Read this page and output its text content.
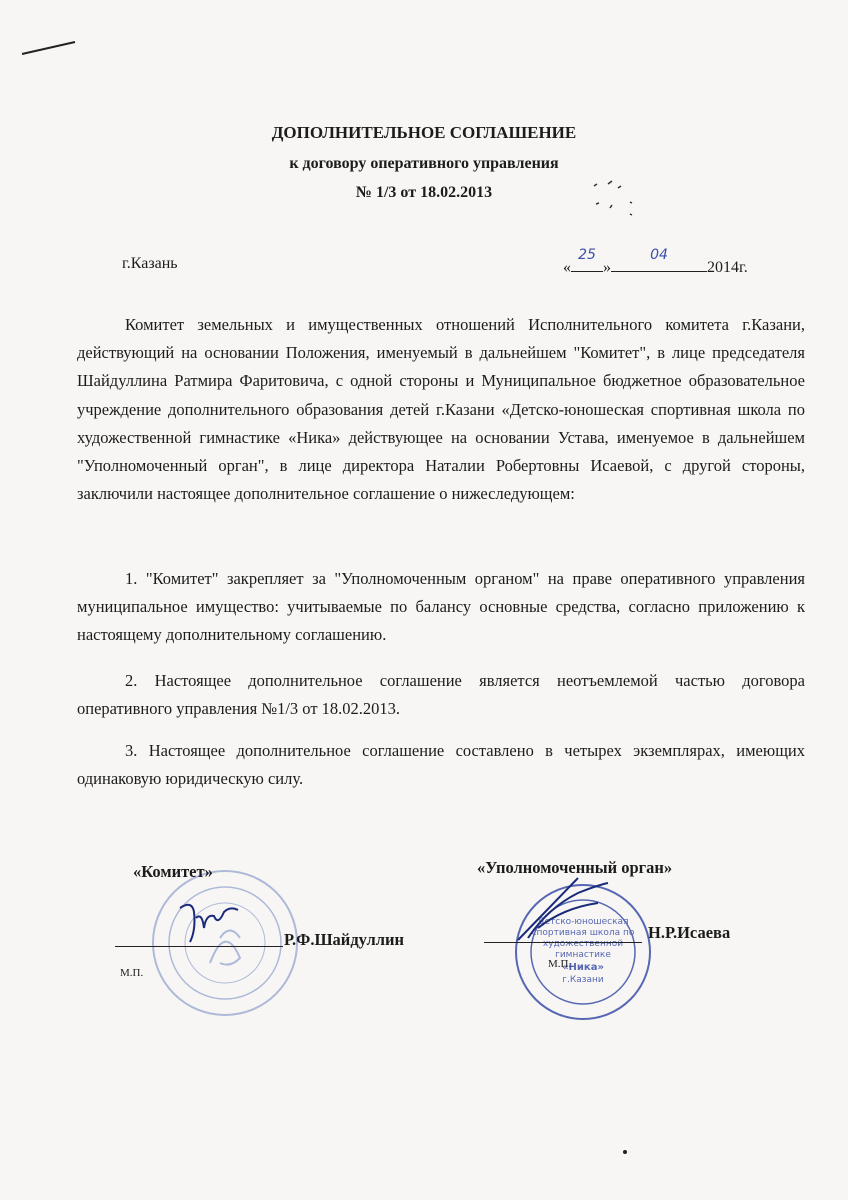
ДОПОЛНИТЕЛЬНОЕ СОГЛАШЕНИЕ
к договору оперативного управления
№ 1/3 от 18.02.2013
г.Казань	«
25
»
04
2014г.
Комитет земельных и имущественных отношений Исполнительного комитета г.Казани, действующий на основании Положения, именуемый в дальнейшем "Комитет", в лице председателя Шайдуллина Ратмира Фаритовича, с одной стороны и Муниципальное бюджетное образовательное учреждение дополнительного образования детей г.Казани «Детско-юношеская спортивная школа по художественной гимнастике «Ника» действующее на основании Устава, именуемое в дальнейшем "Уполномоченный орган", в лице директора Наталии Робертовны Исаевой, с другой стороны, заключили настоящее дополнительное соглашение о нижеследующем:
1. "Комитет" закрепляет за "Уполномоченным органом" на праве оперативного управления муниципальное имущество: учитываемые по балансу основные средства, согласно приложению к настоящему дополнительному соглашению.
2. Настоящее дополнительное соглашение является неотъемлемой частью договора оперативного управления №1/3 от 18.02.2013.
3. Настоящее дополнительное соглашение составлено в четырех экземплярах, имеющих одинаковую юридическую силу.
Детско-юношеская
спортивная школа по
художественной
гимнастике
«Ника»
г.Казани
«Комитет»	«Уполномоченный орган»
Р.Ф.Шайдуллин	Н.Р.Исаева
М.П.
М.П.
